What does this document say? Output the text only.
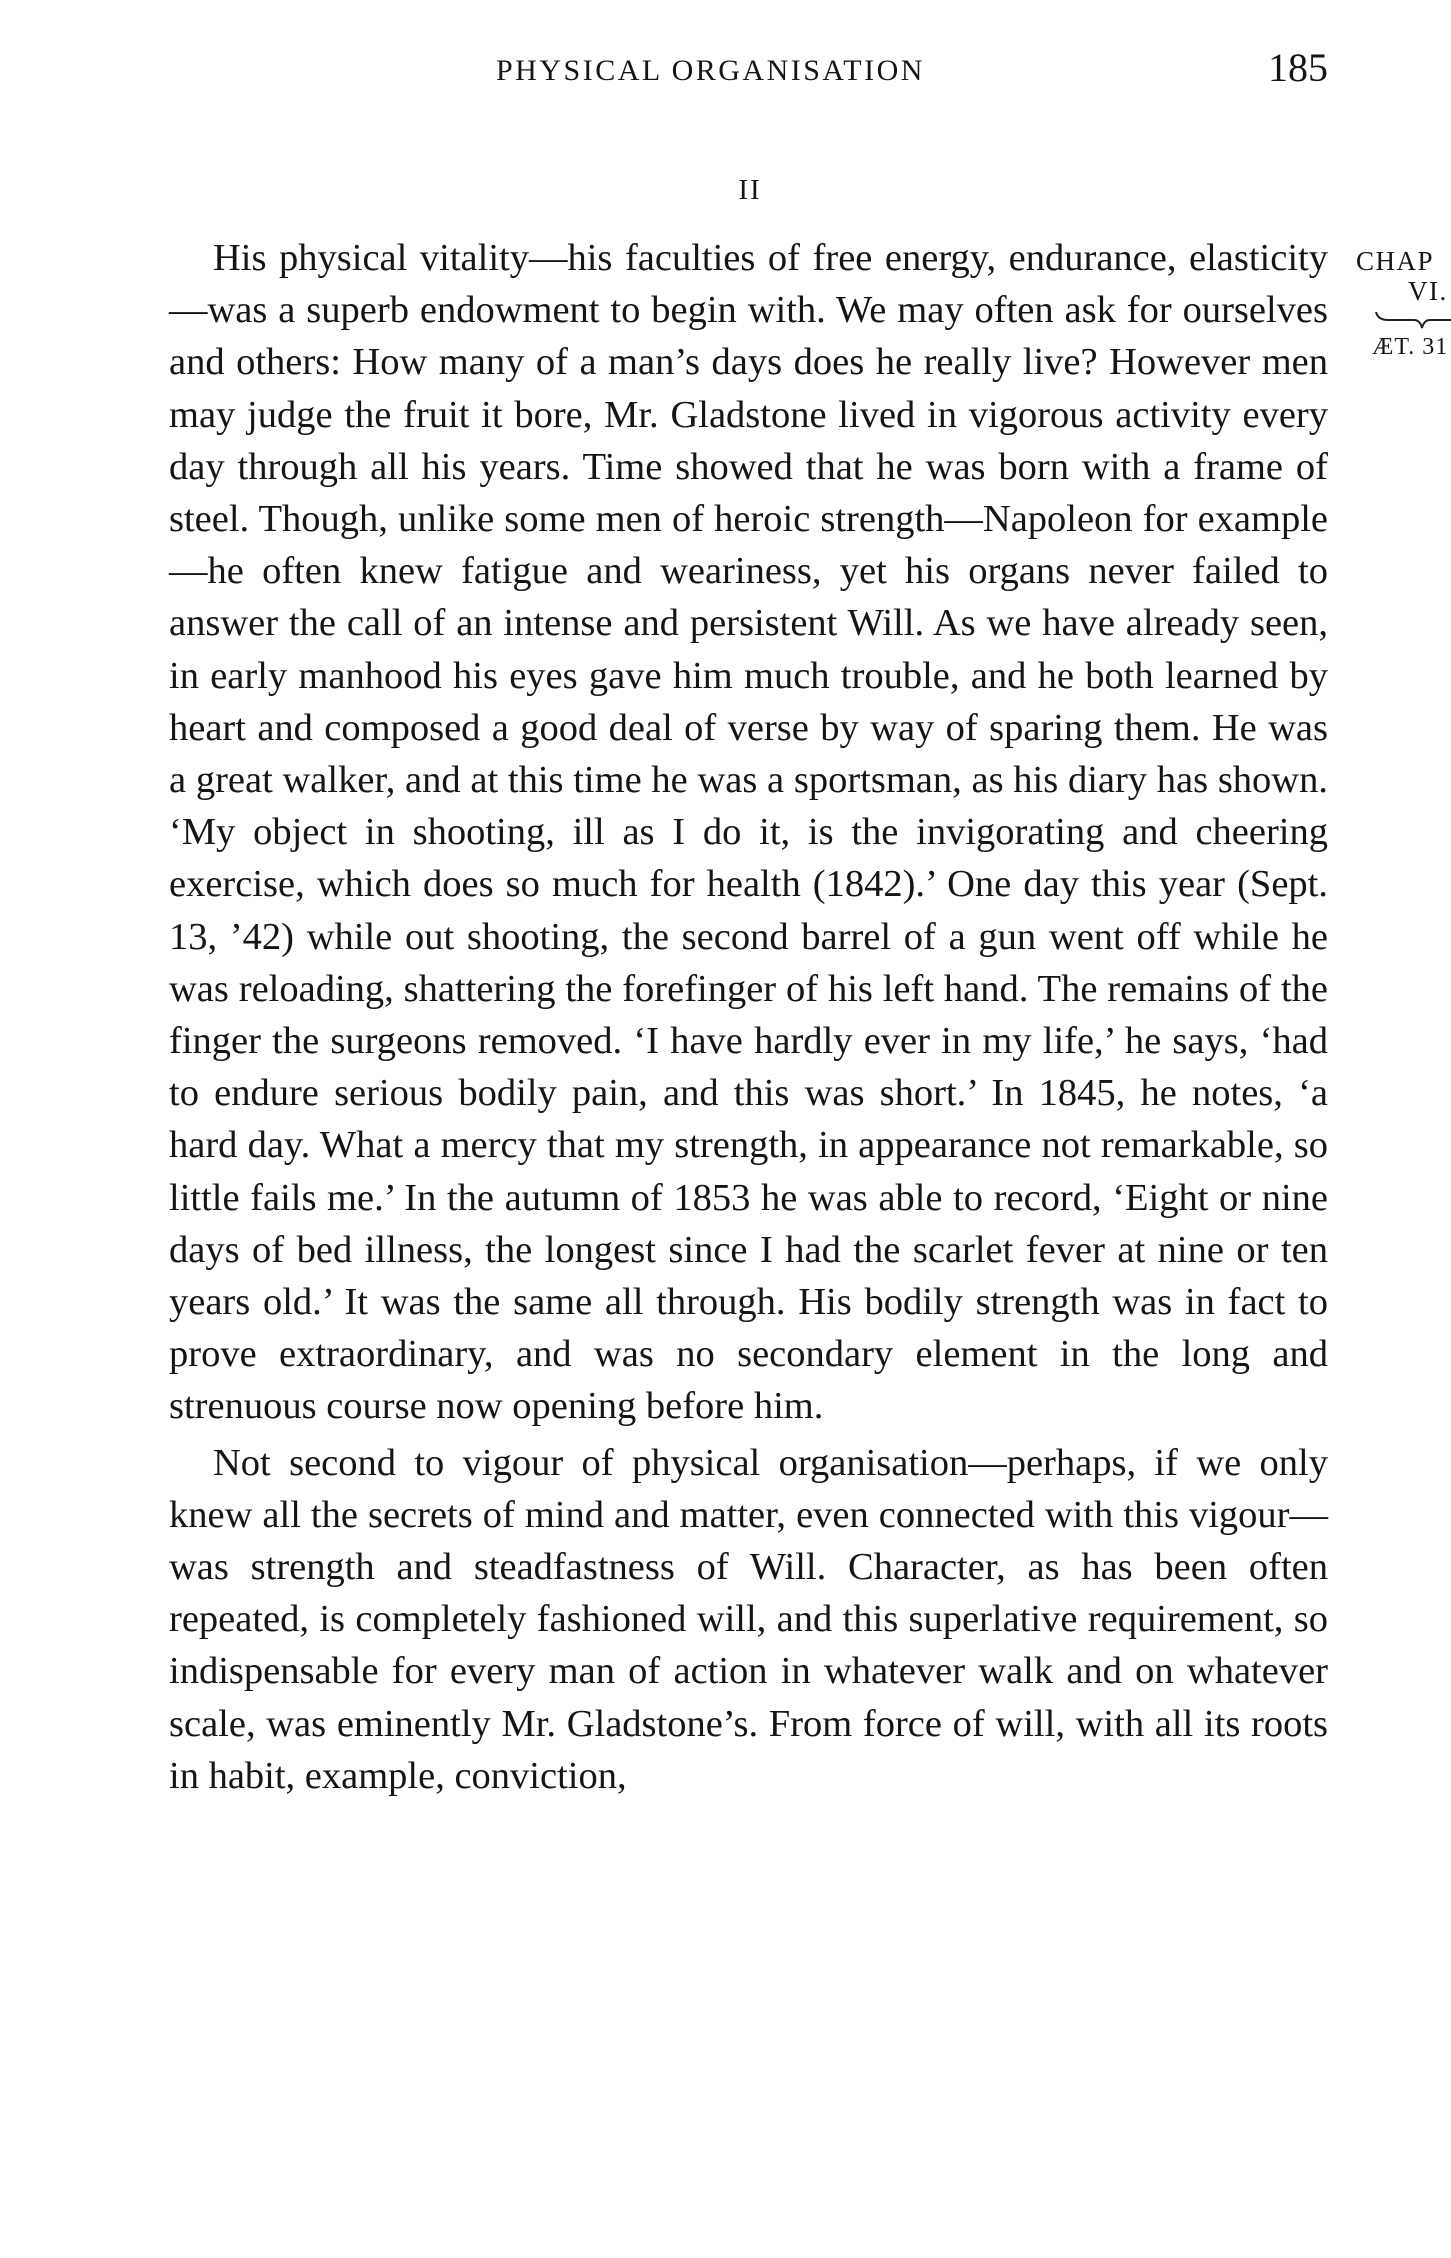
PHYSICAL ORGANISATION	185
II
CHAP
VI.
ÆT. 31

His physical vitality—his faculties of free energy, endurance, elasticity—was a superb endowment to begin with. We may often ask for ourselves and others: How many of a man’s days does he really live? However men may judge the fruit it bore, Mr. Gladstone lived in vigorous activity every day through all his years. Time showed that he was born with a frame of steel. Though, unlike some men of heroic strength—Napoleon for example—he often knew fatigue and weariness, yet his organs never failed to answer the call of an intense and persistent Will. As we have already seen, in early manhood his eyes gave him much trouble, and he both learned by heart and composed a good deal of verse by way of sparing them. He was a great walker, and at this time he was a sportsman, as his diary has shown. ‘My object in shooting, ill as I do it, is the invigorating and cheering exercise, which does so much for health (1842).’ One day this year (Sept. 13, ’42) while out shooting, the second barrel of a gun went off while he was reloading, shattering the forefinger of his left hand. The remains of the finger the surgeons removed. ‘I have hardly ever in my life,’ he says, ‘had to endure serious bodily pain, and this was short.’ In 1845, he notes, ‘a hard day. What a mercy that my strength, in appearance not remarkable, so little fails me.’ In the autumn of 1853 he was able to record, ‘Eight or nine days of bed illness, the longest since I had the scarlet fever at nine or ten years old.’ It was the same all through. His bodily strength was in fact to prove extraordinary, and was no secondary element in the long and strenuous course now opening before him.

Not second to vigour of physical organisation—perhaps, if we only knew all the secrets of mind and matter, even connected with this vigour—was strength and steadfastness of Will. Character, as has been often repeated, is completely fashioned will, and this superlative requirement, so indispensable for every man of action in whatever walk and on whatever scale, was eminently Mr. Gladstone’s. From force of will, with all its roots in habit, example, conviction,
